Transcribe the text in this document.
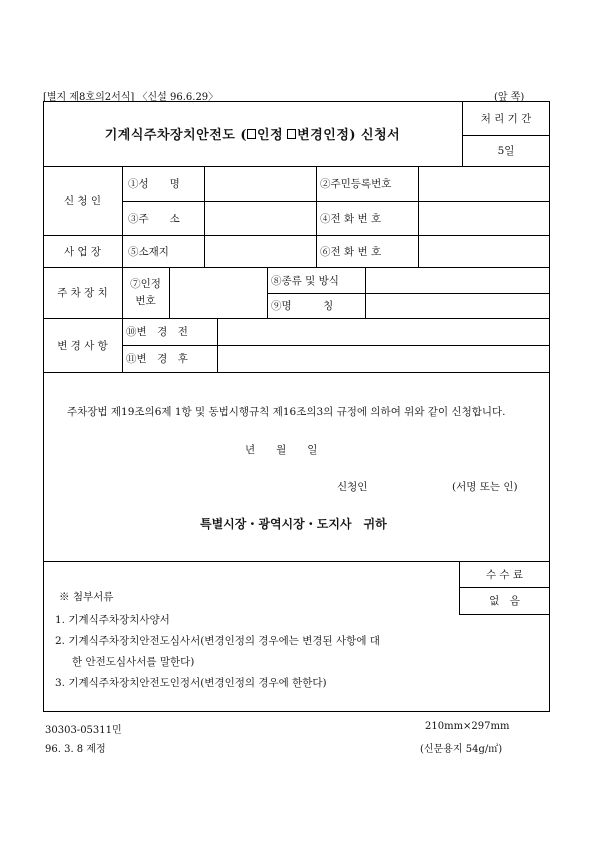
[별지 제8호의2서식] 〈신설 96.6.29〉	(앞 쪽)
기계식주차장치안전도 ( 인정 변경인정 ) 신청서
처 리 기 간
5일
신 청 인
①성　　명	②주민등록번호
③주　　소	④전 화 번 호
사 업 장	⑤소재지	⑥전 화 번 호
주 차 장 치
⑦인정
번호
⑧종류 및 방식
⑨명　　　칭
변 경 사 항
⑩변　경　전
⑪변　경　후
주차장법 제19조의6제 1항 및 동법시행규칙 제16조의3의 규정에 의하여 위와 같이 신청합니다.
년　　월　　일
신청인	(서명 또는 인)
특별시장・광역시장・도지사　귀하
수 수 료
없　음
※ 첨부서류
1. 기계식주차장치사양서
2. 기계식주차장치안전도심사서(변경인정의 경우에는 변경된 사항에 대
한 안전도심사서를 말한다)
3. 기계식주차장치안전도인정서(변경인정의 경우에 한한다)
30303-05311민
96. 3. 8 제정
210mm×297mm
(신문용지 54g/㎡)
